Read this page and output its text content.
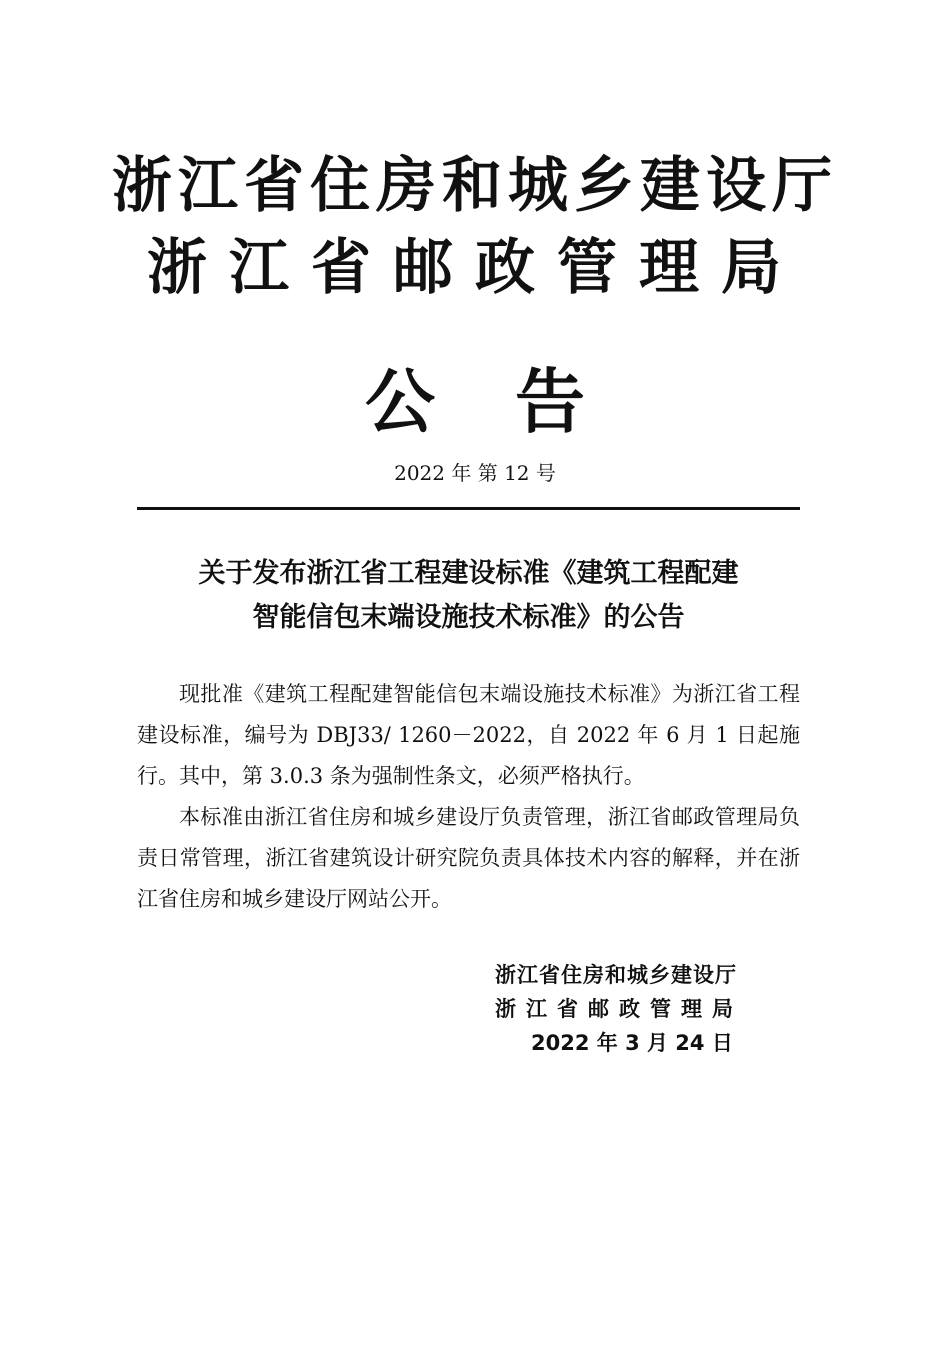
浙江省住房和城乡建设厅
浙江省邮政管理局
公告
2022 年 第 12 号
关于发布浙江省工程建设标准《建筑工程配建
智能信包末端设施技术标准》的公告

现批准《建筑工程配建智能信包末端设施技术标准》为浙江省工程建设标准，编号为 DBJ33/ 1260－2022，自 2022 年 6 月 1 日起施行。其中，第 3.0.3 条为强制性条文，必须严格执行。

本标准由浙江省住房和城乡建设厅负责管理，浙江省邮政管理局负责日常管理，浙江省建筑设计研究院负责具体技术内容的解释，并在浙江省住房和城乡建设厅网站公开。

浙江省住房和城乡建设厅
浙江省邮政管理局
2022 年 3 月 24 日
